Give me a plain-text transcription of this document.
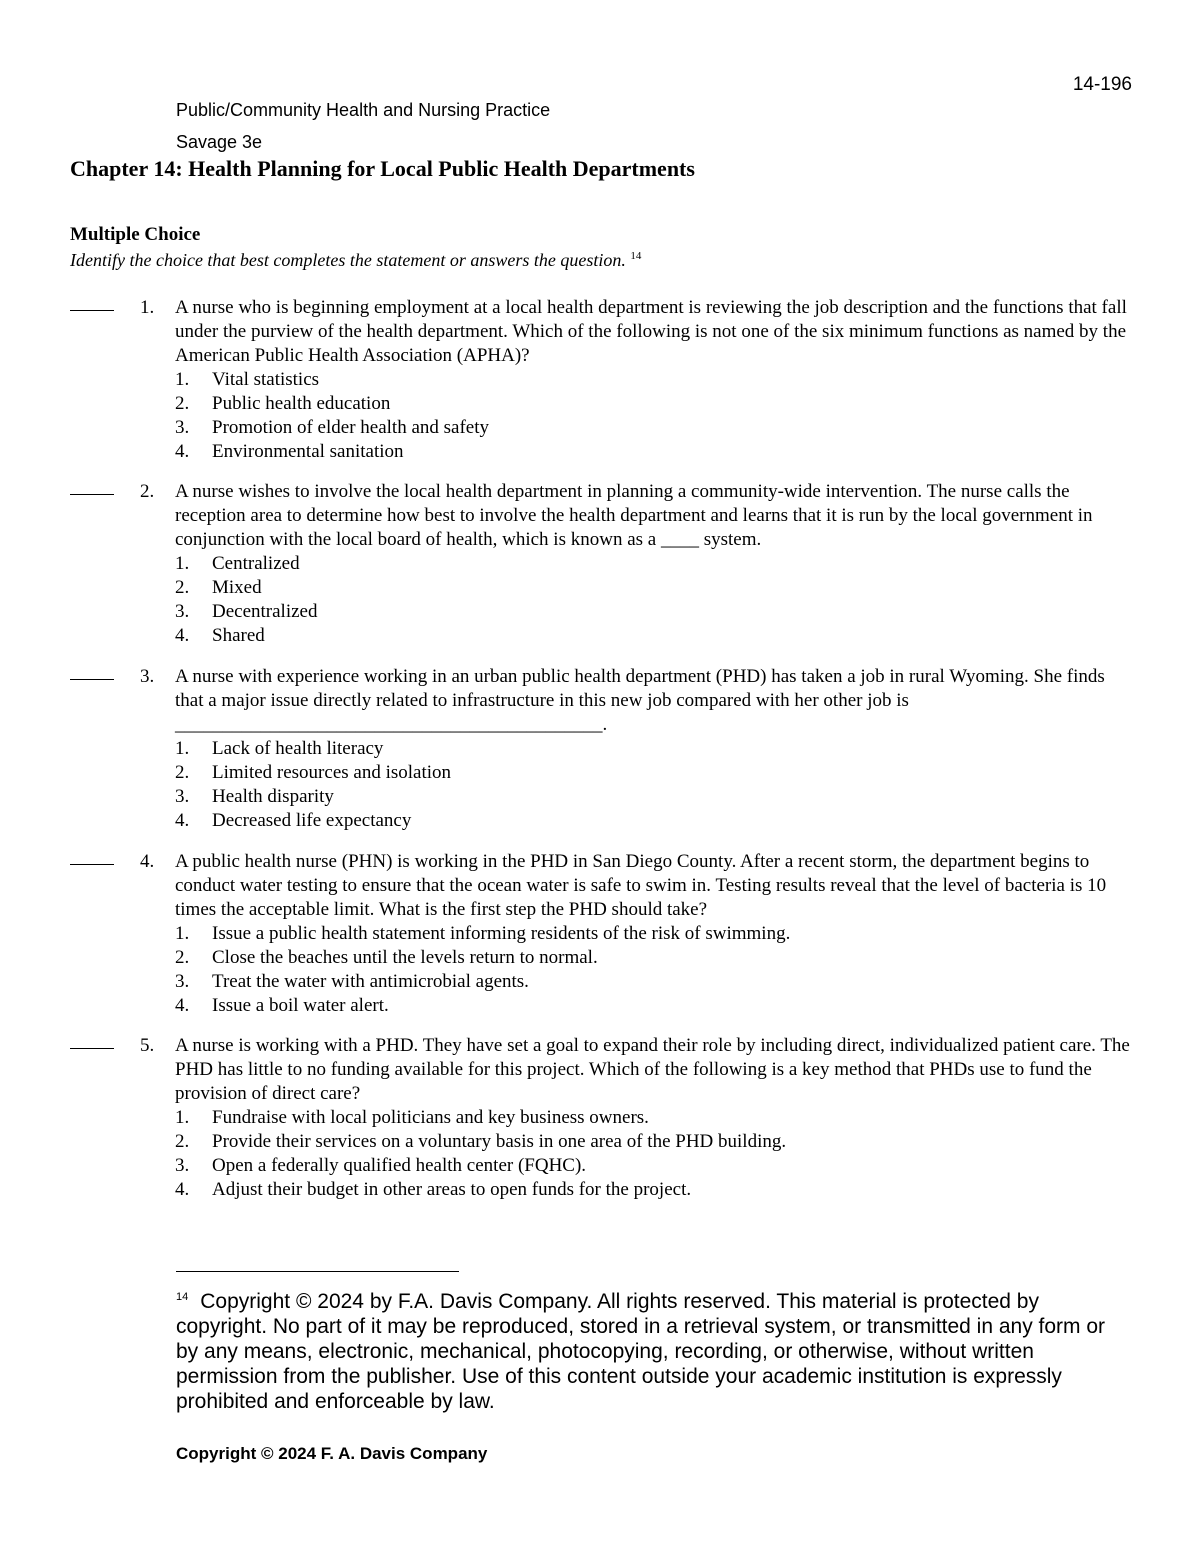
14-196
Public/Community Health and Nursing Practice
Savage 3e
Chapter 14: Health Planning for Local Public Health Departments
Multiple Choice
Identify the choice that best completes the statement or answers the question. $^{14}$
1. A nurse who is beginning employment at a local health department is reviewing the job description and the functions that fall under the purview of the health department. Which of the following is not one of the six minimum functions as named by the American Public Health Association (APHA)?
1. Vital statistics
2. Public health education
3. Promotion of elder health and safety
4. Environmental sanitation
2. A nurse wishes to involve the local health department in planning a community-wide intervention. The nurse calls the reception area to determine how best to involve the health department and learns that it is run by the local government in conjunction with the local board of health, which is known as a ____ system.
1. Centralized
2. Mixed
3. Decentralized
4. Shared
3. A nurse with experience working in an urban public health department (PHD) has taken a job in rural Wyoming. She finds that a major issue directly related to infrastructure in this new job compared with her other job is _____________________________________________.
1. Lack of health literacy
2. Limited resources and isolation
3. Health disparity
4. Decreased life expectancy
4. A public health nurse (PHN) is working in the PHD in San Diego County. After a recent storm, the department begins to conduct water testing to ensure that the ocean water is safe to swim in. Testing results reveal that the level of bacteria is 10 times the acceptable limit. What is the first step the PHD should take?
1. Issue a public health statement informing residents of the risk of swimming.
2. Close the beaches until the levels return to normal.
3. Treat the water with antimicrobial agents.
4. Issue a boil water alert.
5. A nurse is working with a PHD. They have set a goal to expand their role by including direct, individualized patient care. The PHD has little to no funding available for this project. Which of the following is a key method that PHDs use to fund the provision of direct care?
1. Fundraise with local politicians and key business owners.
2. Provide their services on a voluntary basis in one area of the PHD building.
3. Open a federally qualified health center (FQHC).
4. Adjust their budget in other areas to open funds for the project.
$^{14}$ Copyright © 2024 by F.A. Davis Company. All rights reserved. This material is protected by copyright. No part of it may be reproduced, stored in a retrieval system, or transmitted in any form or by any means, electronic, mechanical, photocopying, recording, or otherwise, without written permission from the publisher. Use of this content outside your academic institution is expressly prohibited and enforceable by law.
Copyright © 2024 F. A. Davis Company
